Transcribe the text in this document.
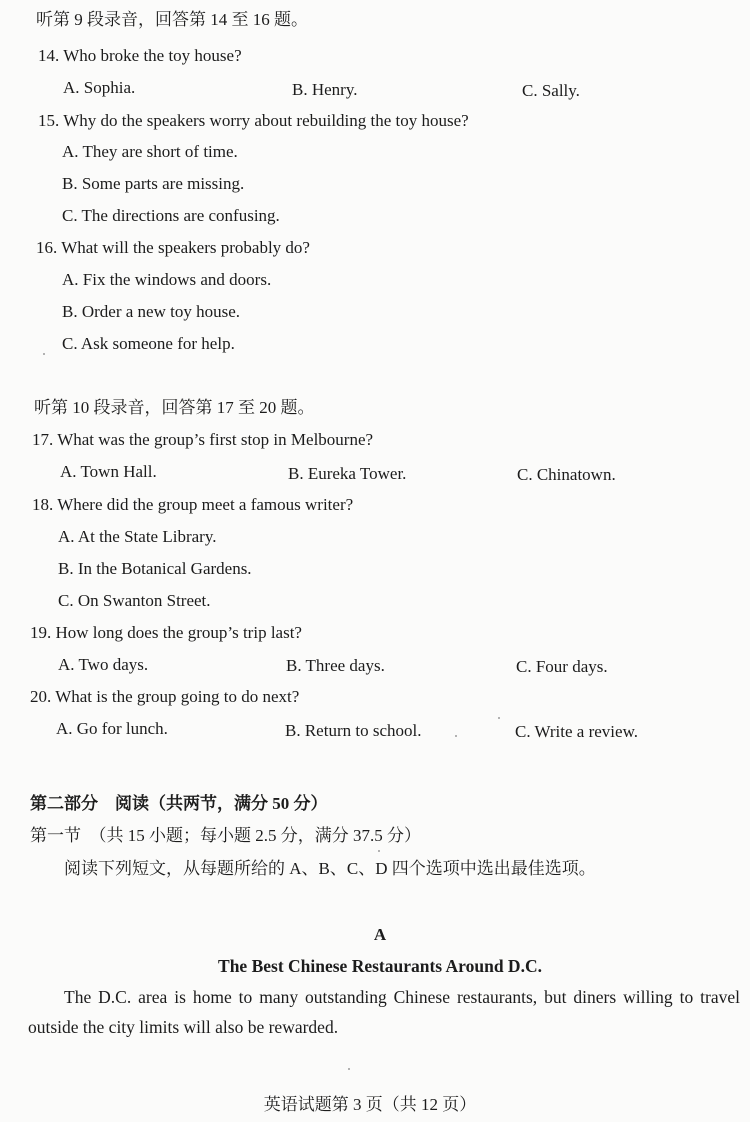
听第 9 段录音，回答第 14 至 16 题。
14. Who broke the toy house?
A. Sophia.	B. Henry.	C. Sally.
15. Why do the speakers worry about rebuilding the toy house?
A. They are short of time.
B. Some parts are missing.
C. The directions are confusing.
16. What will the speakers probably do?
A. Fix the windows and doors.
B. Order a new toy house.
C. Ask someone for help.
听第 10 段录音，回答第 17 至 20 题。
17. What was the group’s first stop in Melbourne?
A. Town Hall.	B. Eureka Tower.	C. Chinatown.
18. Where did the group meet a famous writer?
A. At the State Library.
B. In the Botanical Gardens.
C. On Swanton Street.
19. How long does the group’s trip last?
A. Two days.	B. Three days.	C. Four days.
20. What is the group going to do next?
A. Go for lunch.	B. Return to school.	C. Write a review.
第二部分　阅读（共两节，满分 50 分）
第一节　（共 15 小题；每小题 2.5 分，满分 37.5 分）
阅读下列短文，从每题所给的 A、B、C、D 四个选项中选出最佳选项。
A
The Best Chinese Restaurants Around D.C.
The D.C. area is home to many outstanding Chinese restaurants, but diners willing to travel outside the city limits will also be rewarded.
英语试题第 3 页（共 12 页）
